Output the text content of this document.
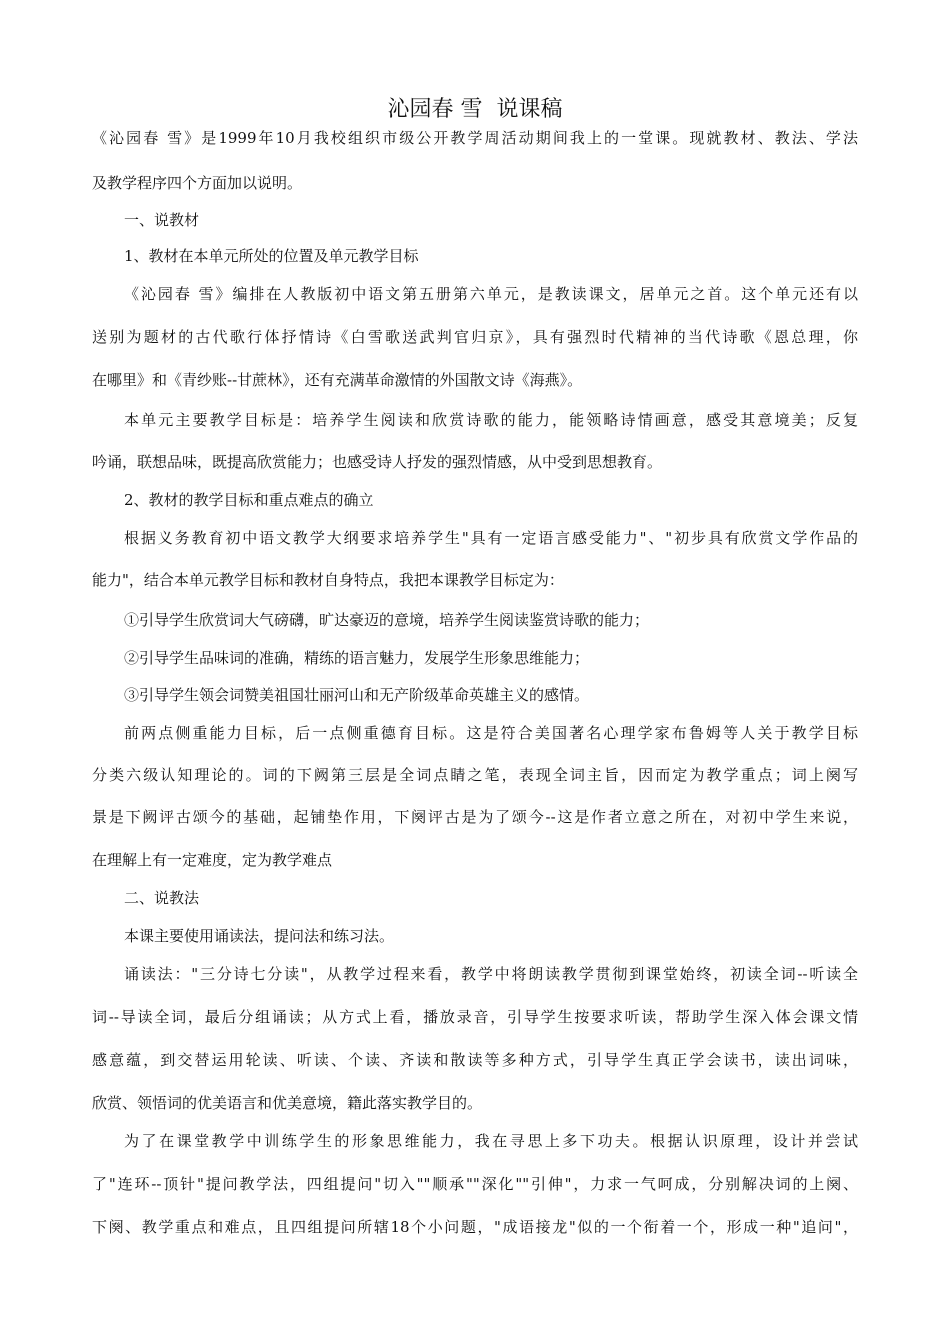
沁园春 雪  说课稿
《沁园春 雪》是1999年10月我校组织市级公开教学周活动期间我上的一堂课。现就教材、教法、学法
及教学程序四个方面加以说明。
一、说教材
1、教材在本单元所处的位置及单元教学目标
《沁园春 雪》编排在人教版初中语文第五册第六单元，是教读课文，居单元之首。这个单元还有以
送别为题材的古代歌行体抒情诗《白雪歌送武判官归京》，具有强烈时代精神的当代诗歌《恩总理，你
在哪里》和《青纱账--甘蔗林》，还有充满革命激情的外国散文诗《海燕》。
本单元主要教学目标是：培养学生阅读和欣赏诗歌的能力，能领略诗情画意，感受其意境美；反复
吟诵，联想品味，既提高欣赏能力；也感受诗人抒发的强烈情感，从中受到思想教育。
2、教材的教学目标和重点难点的确立
根据义务教育初中语文教学大纲要求培养学生"具有一定语言感受能力"、"初步具有欣赏文学作品的
能力"，结合本单元教学目标和教材自身特点，我把本课教学目标定为：
①引导学生欣赏词大气磅礴，旷达豪迈的意境，培养学生阅读鉴赏诗歌的能力；
②引导学生品味词的准确，精练的语言魅力，发展学生形象思维能力；
③引导学生领会词赞美祖国壮丽河山和无产阶级革命英雄主义的感情。
前两点侧重能力目标，后一点侧重德育目标。这是符合美国著名心理学家布鲁姆等人关于教学目标
分类六级认知理论的。词的下阙第三层是全词点睛之笔，表现全词主旨，因而定为教学重点；词上阕写
景是下阙评古颂今的基础，起铺垫作用，下阕评古是为了颂今--这是作者立意之所在，对初中学生来说，
在理解上有一定难度，定为教学难点
二、说教法
本课主要使用诵读法，提问法和练习法。
诵读法："三分诗七分读"，从教学过程来看，教学中将朗读教学贯彻到课堂始终，初读全词--听读全
词--导读全词，最后分组诵读；从方式上看，播放录音，引导学生按要求听读，帮助学生深入体会课文情
感意蕴，到交替运用轮读、听读、个读、齐读和散读等多种方式，引导学生真正学会读书，读出词味，
欣赏、领悟词的优美语言和优美意境，籍此落实教学目的。
为了在课堂教学中训练学生的形象思维能力，我在寻思上多下功夫。根据认识原理，设计并尝试
了"连环--顶针"提问教学法，四组提问"切入""顺承""深化""引伸"，力求一气呵成，分别解决词的上阕、
下阕、教学重点和难点，且四组提问所辖18个小问题，"成语接龙"似的一个衔着一个，形成一种"追问"，
